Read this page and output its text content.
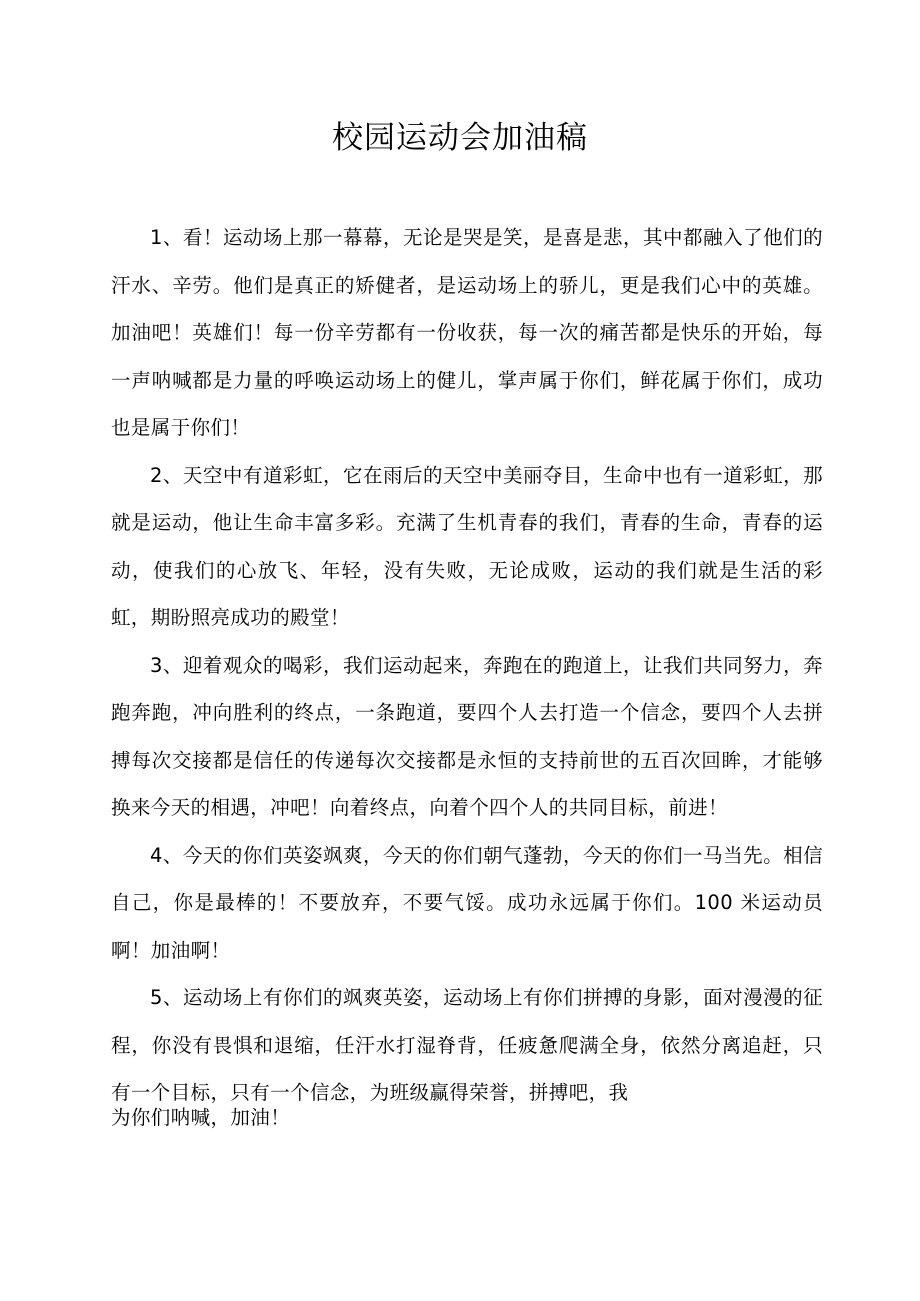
校园运动会加油稿

1、看！运动场上那一幕幕，无论是哭是笑，是喜是悲，其中都融入了他们的汗水、辛劳。他们是真正的矫健者，是运动场上的骄儿，更是我们心中的英雄。加油吧！英雄们！每一份辛劳都有一份收获，每一次的痛苦都是快乐的开始，每一声呐喊都是力量的呼唤运动场上的健儿，掌声属于你们，鲜花属于你们，成功也是属于你们！

2、天空中有道彩虹，它在雨后的天空中美丽夺目，生命中也有一道彩虹，那就是运动，他让生命丰富多彩。充满了生机青春的我们，青春的生命，青春的运动，使我们的心放飞、年轻，没有失败，无论成败，运动的我们就是生活的彩虹，期盼照亮成功的殿堂！

3、迎着观众的喝彩，我们运动起来，奔跑在的跑道上，让我们共同努力，奔跑奔跑，冲向胜利的终点，一条跑道，要四个人去打造一个信念，要四个人去拼搏每次交接都是信任的传递每次交接都是永恒的支持前世的五百次回眸，才能够换来今天的相遇，冲吧！向着终点，向着个四个人的共同目标，前进！

4、今天的你们英姿飒爽，今天的你们朝气蓬勃，今天的你们一马当先。相信自己，你是最棒的！不要放弃，不要气馁。成功永远属于你们。100 米运动员啊！加油啊！

5、运动场上有你们的飒爽英姿，运动场上有你们拼搏的身影，面对漫漫的征程，你没有畏惧和退缩，任汗水打湿脊背，任疲惫爬满全身，依然分离追赶，只有一个目标，只有一个信念，为班级赢得荣誉，拼搏吧，我

为你们呐喊，加油！
